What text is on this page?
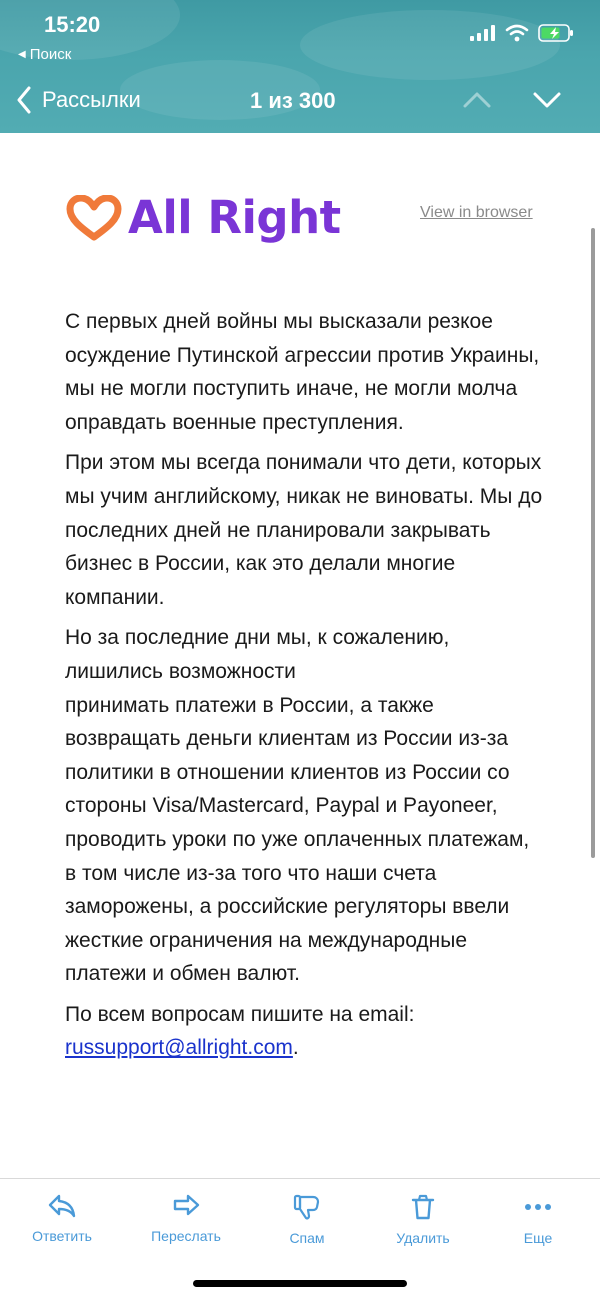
15:20
◀ Поиск
Рассылки	1 из 300
All Right	View in browser

С первых дней войны мы высказали резкое осуждение Путинской агрессии против Украины, мы не могли поступить иначе, не могли молча оправдать военные преступления.

При этом мы всегда понимали что дети, которых мы учим английскому, никак не виноваты. Мы до последних дней не планировали закрывать бизнес в России, как это делали многие компании.

Но за последние дни мы, к сожалению, лишились возможности

принимать платежи в России, а также возвращать деньги клиентам из России из-за политики в отношении клиентов из России со стороны Visa/Mastercard, Paypal и Payoneer,

проводить уроки по уже оплаченных платежам, в том числе из-за того что наши счета заморожены, а российские регуляторы ввели жесткие ограничения на международные платежи и обмен валют.

По всем вопросам пишите на email: russupport@allright.com.

Ответить	Переслать	Спам	Удалить	Еще
